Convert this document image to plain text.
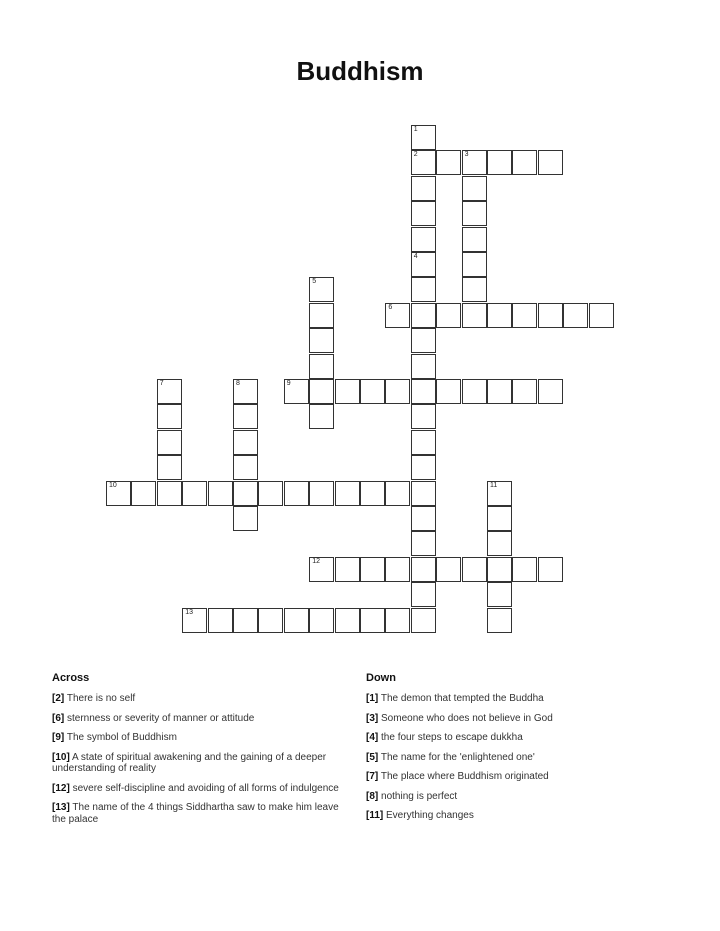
Buddhism
1
2	3
4
5
6
7	8	9
10	11
12
13
Across
[2] There is no self
[6] sternness or severity of manner or attitude
[9] The symbol of Buddhism
[10] A state of spiritual awakening and the gaining of a deeper understanding of reality
[12] severe self-discipline and avoiding of all forms of indulgence
[13] The name of the 4 things Siddhartha saw to make him leave the palace
Down
[1] The demon that tempted the Buddha
[3] Someone who does not believe in God
[4] the four steps to escape dukkha
[5] The name for the 'enlightened one'
[7] The place where Buddhism originated
[8] nothing is perfect
[11] Everything changes
